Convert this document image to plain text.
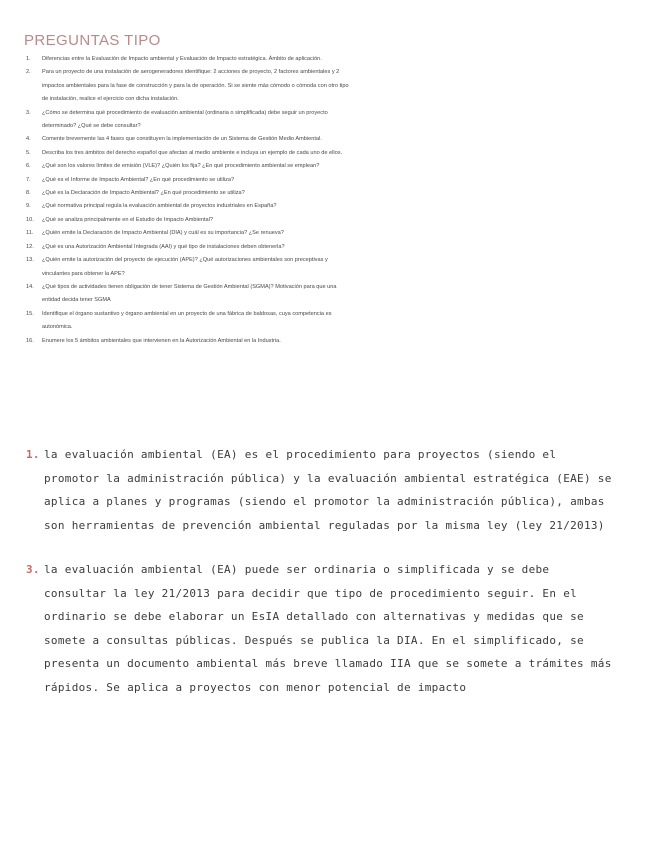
PREGUNTAS TIPO
1.	Diferencias entre la Evaluación de Impacto ambiental y Evaluación de Impacto estratégica. Ámbito de aplicación.
2.	Para un proyecto de una instalación de aerogeneradores identifique: 2 acciones de proyecto, 2 factores ambientales y 2 impactos ambientales para la fase de construcción y para la de operación. Si se siente más cómodo o cómoda con otro tipo de instalación, realice el ejercicio con dicha instalación.
3.	¿Cómo se determina qué procedimiento de evaluación ambiental (ordinaria o simplificada) debe seguir un proyecto determinado? ¿Qué se debe consultar?
4.	Comente brevemente las 4 fases que constituyen la implementación de un Sistema de Gestión Medio Ambiental.
5.	Describa los tres ámbitos del derecho español que afectan al medio ambiente e incluya un ejemplo de cada uno de ellos.
6.	¿Qué son los valores límites de emisión (VLE)? ¿Quién los fija? ¿En qué procedimiento ambiental se emplean?
7.	¿Qué es el Informe de Impacto Ambiental? ¿En qué procedimiento se utiliza?
8.	¿Qué es la Declaración de Impacto Ambiental? ¿En qué procedimiento se utiliza?
9.	¿Qué normativa principal regula la evaluación ambiental de proyectos industriales en España?
10.	¿Qué se analiza principalmente en el Estudio de Impacto Ambiental?
11.	¿Quién emite la Declaración de Impacto Ambiental (DIA) y cuál es su importancia? ¿Se renueva?
12.	¿Qué es una Autorización Ambiental Integrada (AAI) y qué tipo de instalaciones deben obtenerla?
13.	¿Quién emite la autorización del proyecto de ejecución (APE)? ¿Qué autorizaciones ambientales son preceptivas y vinculantes para obtener la APE?
14.	¿Qué tipos de actividades tienen obligación de tener Sistema de Gestión Ambiental (SGMA)? Motivación para que una entidad decida tener SGMA
15.	Identifique el órgano sustantivo y órgano ambiental en un proyecto de una fábrica de baldosas, cuya competencia es autonómica.
16.	Enumere los 5 ámbitos ambientales que intervienen en la Autorización Ambiental en la Industria.
1. la evaluación ambiental (EA) es el procedimiento para proyectos (siendo el promotor la administración pública) y la evaluación ambiental estratégica (EAE) se aplica a planes y programas (siendo el promotor la administración pública), ambas son herramientas de prevención ambiental reguladas por la misma ley (ley 21/2013)
3. la evaluación ambiental (EA) puede ser ordinaria o simplificada y se debe consultar la ley 21/2013 para decidir que tipo de procedimiento seguir. En el ordinario se debe elaborar un EsIA detallado con alternativas y medidas que se somete a consultas públicas. Después se publica la DIA. En el simplificado, se presenta un documento ambiental más breve llamado IIA que se somete a trámites más rápidos. Se aplica a proyectos con menor potencial de impacto
